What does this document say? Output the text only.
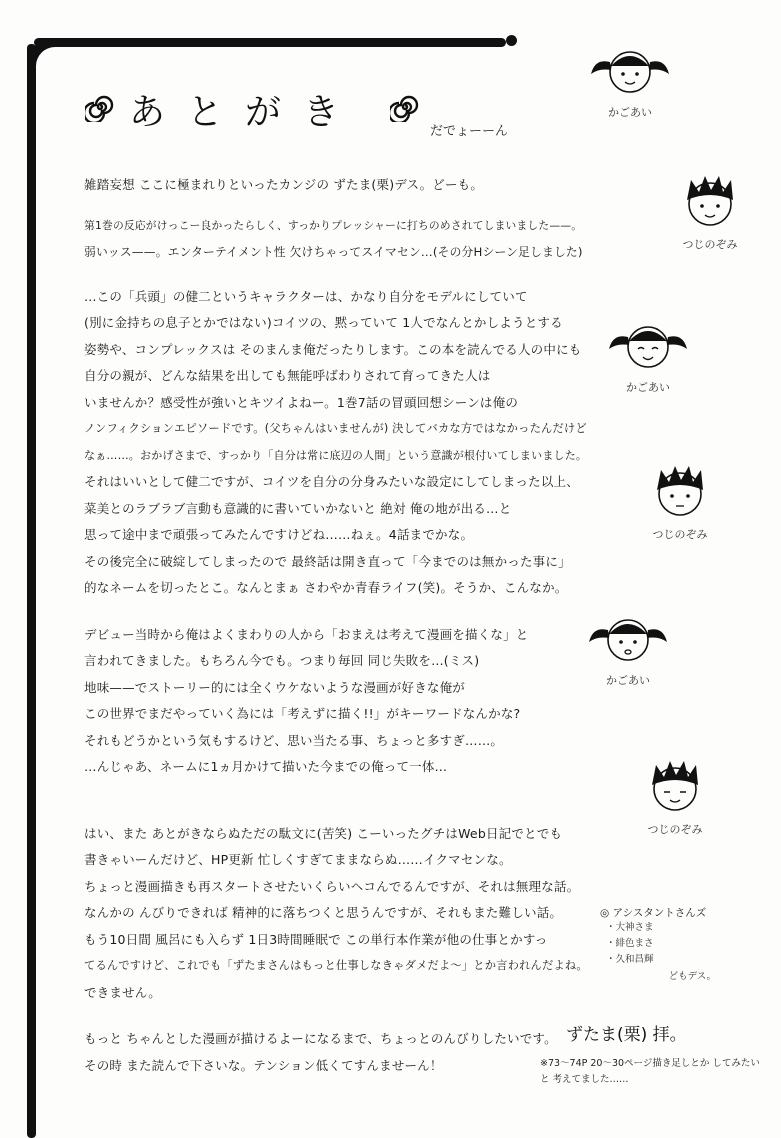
あとがき	だでょーーん
雑踏妄想 ここに極まれりといったカンジの ずたま(栗)デス。どーも。
第1巻の反応がけっこー良かったらしく、すっかりプレッシャーに打ちのめされてしまいました——。
弱いッス——。エンターテイメント性 欠けちゃってスイマセン…(その分Hシーン足しました)
…この「兵頭」の健二というキャラクターは、かなり自分をモデルにしていて
(別に金持ちの息子とかではない)コイツの、黙っていて 1人でなんとかしようとする
姿勢や、コンプレックスは そのまんま俺だったりします。この本を読んでる人の中にも
自分の親が、どんな結果を出しても無能呼ばわりされて育ってきた人は
いませんか？感受性が強いとキツイよねー。1巻7話の冒頭回想シーンは俺の
ノンフィクションエピソードです。(父ちゃんはいませんが) 決してバカな方ではなかったんだけど
なぁ……。おかげさまで、すっかり「自分は常に底辺の人間」という意識が根付いてしまいました。
それはいいとして健二ですが、コイツを自分の分身みたいな設定にしてしまった以上、
菜美とのラブラブ言動も意識的に書いていかないと 絶対 俺の地が出る…と
思って途中まで頑張ってみたんですけどね……ねぇ。4話までかな。
その後完全に破綻してしまったので 最終話は開き直って「今までのは無かった事に」
的なネームを切ったとこ。なんとまぁ さわやか青春ライフ(笑)。そうか、こんなか。
デビュー当時から俺はよくまわりの人から「おまえは考えて漫画を描くな」と
言われてきました。もちろん今でも。つまり毎回 同じ失敗を…(ミス)
地味——でストーリー的には全くウケないような漫画が好きな俺が
この世界でまだやっていく為には「考えずに描く!!」がキーワードなんかな?
それもどうかという気もするけど、思い当たる事、ちょっと多すぎ……。
…んじゃあ、ネームに1ヵ月かけて描いた今までの俺って一体…
はい、また あとがきならぬただの駄文に(苦笑) こーいったグチはWeb日記でとでも
書きゃいーんだけど、HP更新 忙しくすぎてままならぬ……イクマセンな。
ちょっと漫画描きも再スタートさせたいくらいヘコんでるんですが、それは無理な話。
なんかの んびりできれば 精神的に落ちつくと思うんですが、それもまた難しい話。
もう10日間 風呂にも入らず 1日3時間睡眠で この単行本作業が他の仕事とかすっ
てるんですけど、これでも「ずたまさんはもっと仕事しなきゃダメだよ〜」とか言われんだよね。
できません。
もっと ちゃんとした漫画が描けるよーになるまで、ちょっとのんびりしたいです。
その時 また読んで下さいな。テンション低くてすんませーん！
かごあい
つじのぞみ
かごあい
つじのぞみ
かごあい
つじのぞみ
◎ アシスタントさんズ
・大神さま
・緋色まさ
・久和昌輝
どもデス。
ずたま(栗) 拝。
※73〜74P 20〜30ページ描き足しとか してみたいと 考えてました……
